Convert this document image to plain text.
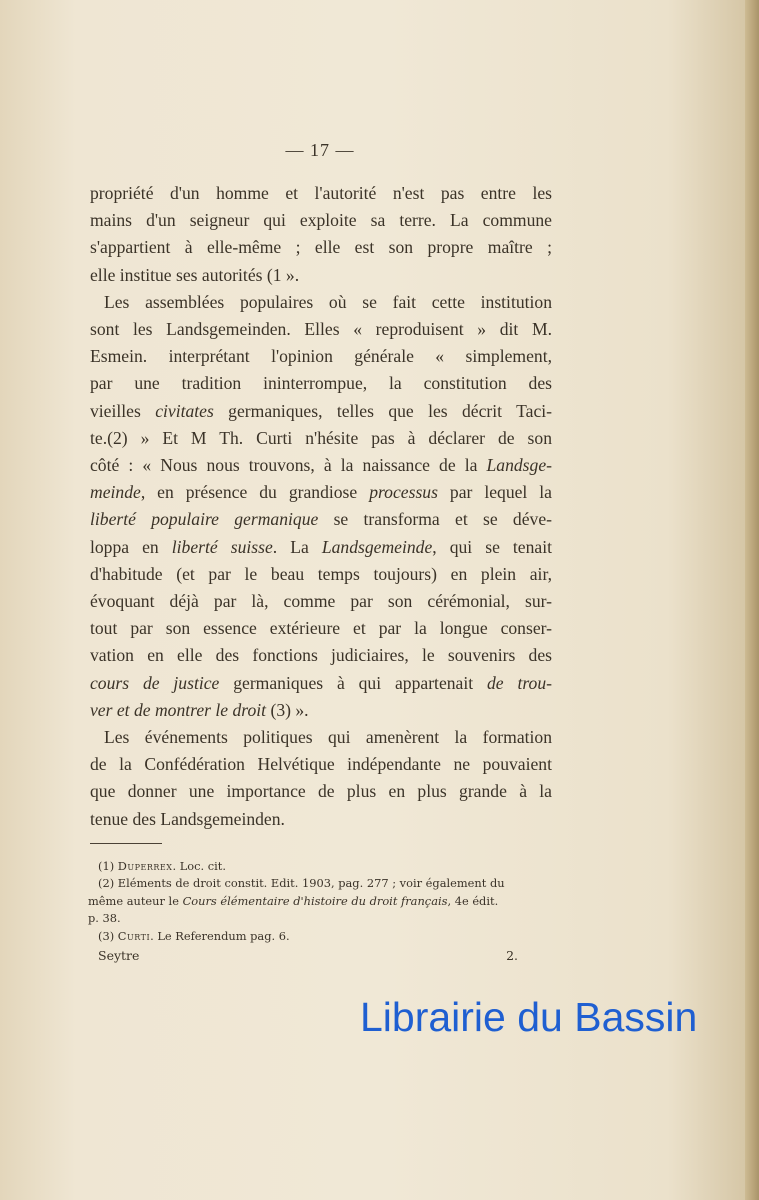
— 17 —
propriété d'un homme et l'autorité n'est pas entre les
mains d'un seigneur qui exploite sa terre. La commune
s'appartient à elle-même ; elle est son propre maître ;
elle institue ses autorités (1 ».
Les assemblées populaires où se fait cette institution
sont les Landsgemeinden. Elles « reproduisent » dit M.
Esmein. interprétant l'opinion générale « simplement,
par une tradition ininterrompue, la constitution des
vieilles civitates germaniques, telles que les décrit Taci-
te.(2) » Et M Th. Curti n'hésite pas à déclarer de son
côté : « Nous nous trouvons, à la naissance de la Landsge-
meinde, en présence du grandiose processus par lequel la
liberté populaire germanique se transforma et se déve-
loppa en liberté suisse. La Landsgemeinde, qui se tenait
d'habitude (et par le beau temps toujours) en plein air,
évoquant déjà par là, comme par son cérémonial, sur-
tout par son essence extérieure et par la longue conser-
vation en elle des fonctions judiciaires, le souvenirs des
cours de justice germaniques à qui appartenait de trou-
ver et de montrer le droit (3) ».
Les événements politiques qui amenèrent la formation
de la Confédération Helvétique indépendante ne pouvaient
que donner une importance de plus en plus grande à la
tenue des Landsgemeinden.
(1) Duperrex. Loc. cit.
(2) Eléments de droit constit. Edit. 1903, pag. 277 ; voir également du
même auteur le Cours élémentaire d'histoire du droit français, 4e édit.
p. 38.
(3) Curti. Le Referendum pag. 6.
Seytre	2.
Librairie du Bassin
